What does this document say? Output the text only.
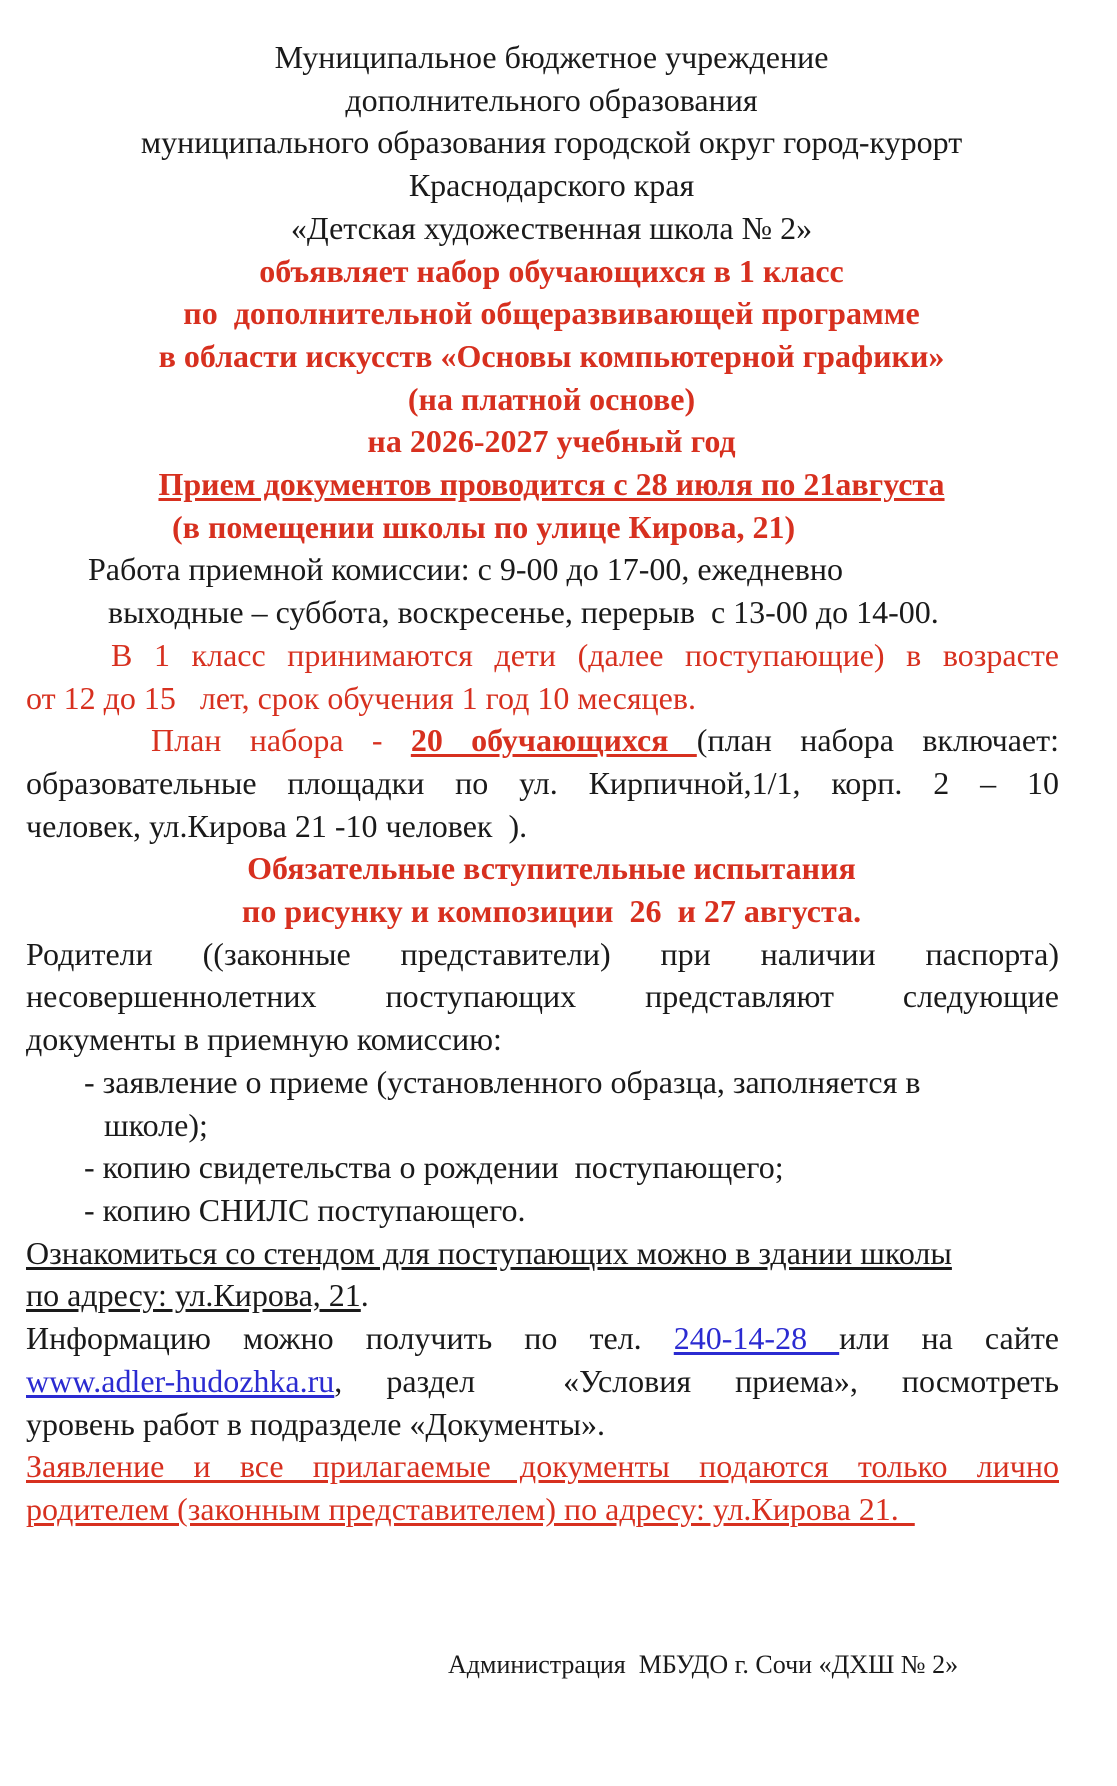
Муниципальное бюджетное учреждение
дополнительного образования
муниципального образования городской округ город-курорт
Краснодарского края
«Детская художественная школа № 2»
объявляет набор обучающихся в 1 класс
по  дополнительной общеразвивающей программе
в области искусств «Основы компьютерной графики»
(на платной основе)
на 2026-2027 учебный год
Прием документов проводится с 28 июля по 21августа
(в помещении школы по улице Кирова, 21)
Работа приемной комиссии: с 9-00 до 17-00, ежедневно
выходные – суббота, воскресенье, перерыв  с 13-00 до 14-00.
В 1 класс принимаются дети (далее поступающие) в возрасте
от 12 до 15   лет, срок обучения 1 год 10 месяцев.
План набора - 20 обучающихся (план набора включает:
образовательные площадки по ул. Кирпичной,1/1, корп. 2 – 10
человек, ул.Кирова 21 -10 человек  ).
Обязательные вступительные испытания
по рисунку и композиции  26  и 27 августа.
Родители ((законные представители) при наличии паспорта)
несовершеннолетних поступающих представляют следующие
документы в приемную комиссию:
- заявление о приеме (установленного образца, заполняется в
школе);
- копию свидетельства о рождении  поступающего;
- копию СНИЛС поступающего.
Ознакомиться со стендом для поступающих можно в здании школы
по адресу: ул.Кирова, 21.
Информацию можно получить по тел. 240-14-28 или на сайте
www.adler-hudozhka.ru, раздел  «Условия приема», посмотреть
уровень работ в подразделе «Документы».
Заявление и все прилагаемые документы подаются только лично
родителем (законным представителем) по адресу: ул.Кирова 21.
Администрация  МБУДО г. Сочи «ДХШ № 2»
